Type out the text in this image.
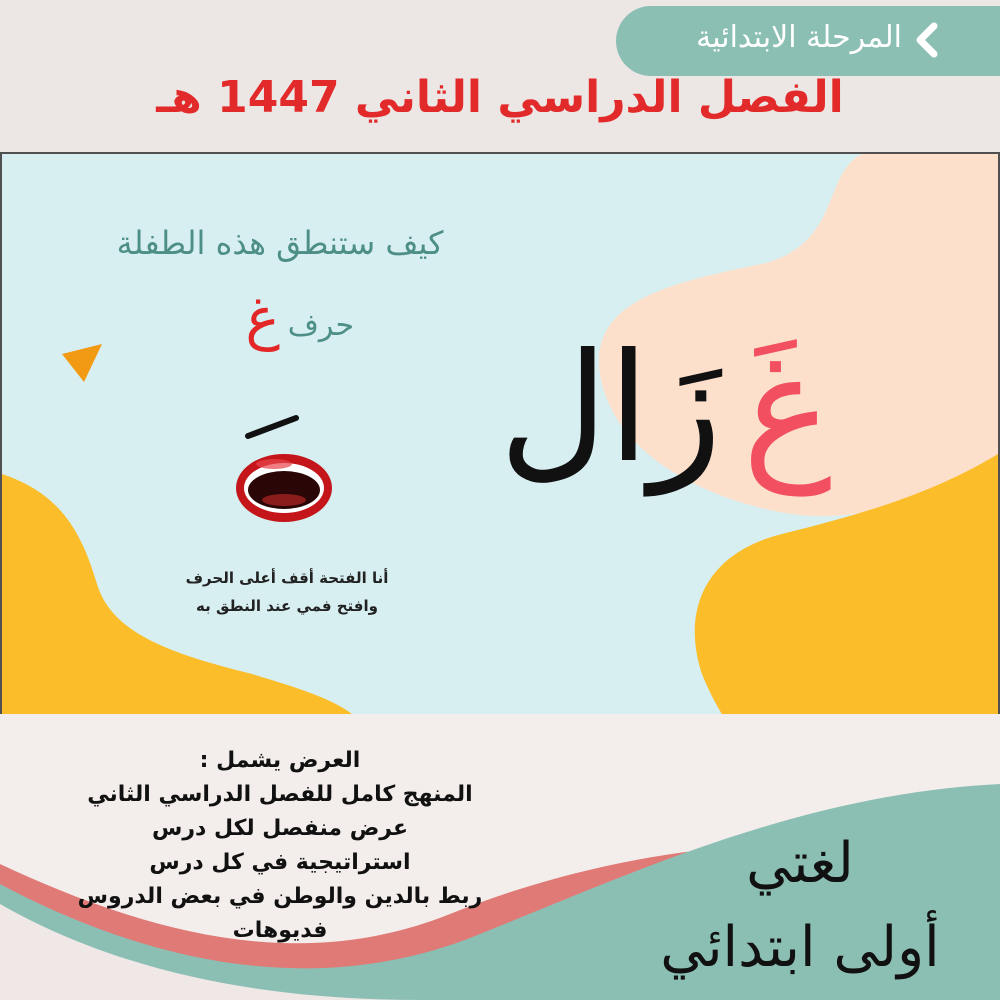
المرحلة الابتدائية
الفصل الدراسي الثاني 1447 هـ
كيف ستنطق هذه الطفلة
حرف
غ
أنا الفتحة أقف أعلى الحرف
وافتح فمي عند النطق به
غَ
زَال
العرض يشمل :
المنهج كامل للفصل الدراسي الثاني
عرض منفصل لكل درس
استراتيجية في كل درس
ربط بالدين والوطن في بعض الدروس
فديوهات
لغتي
أولى ابتدائي
